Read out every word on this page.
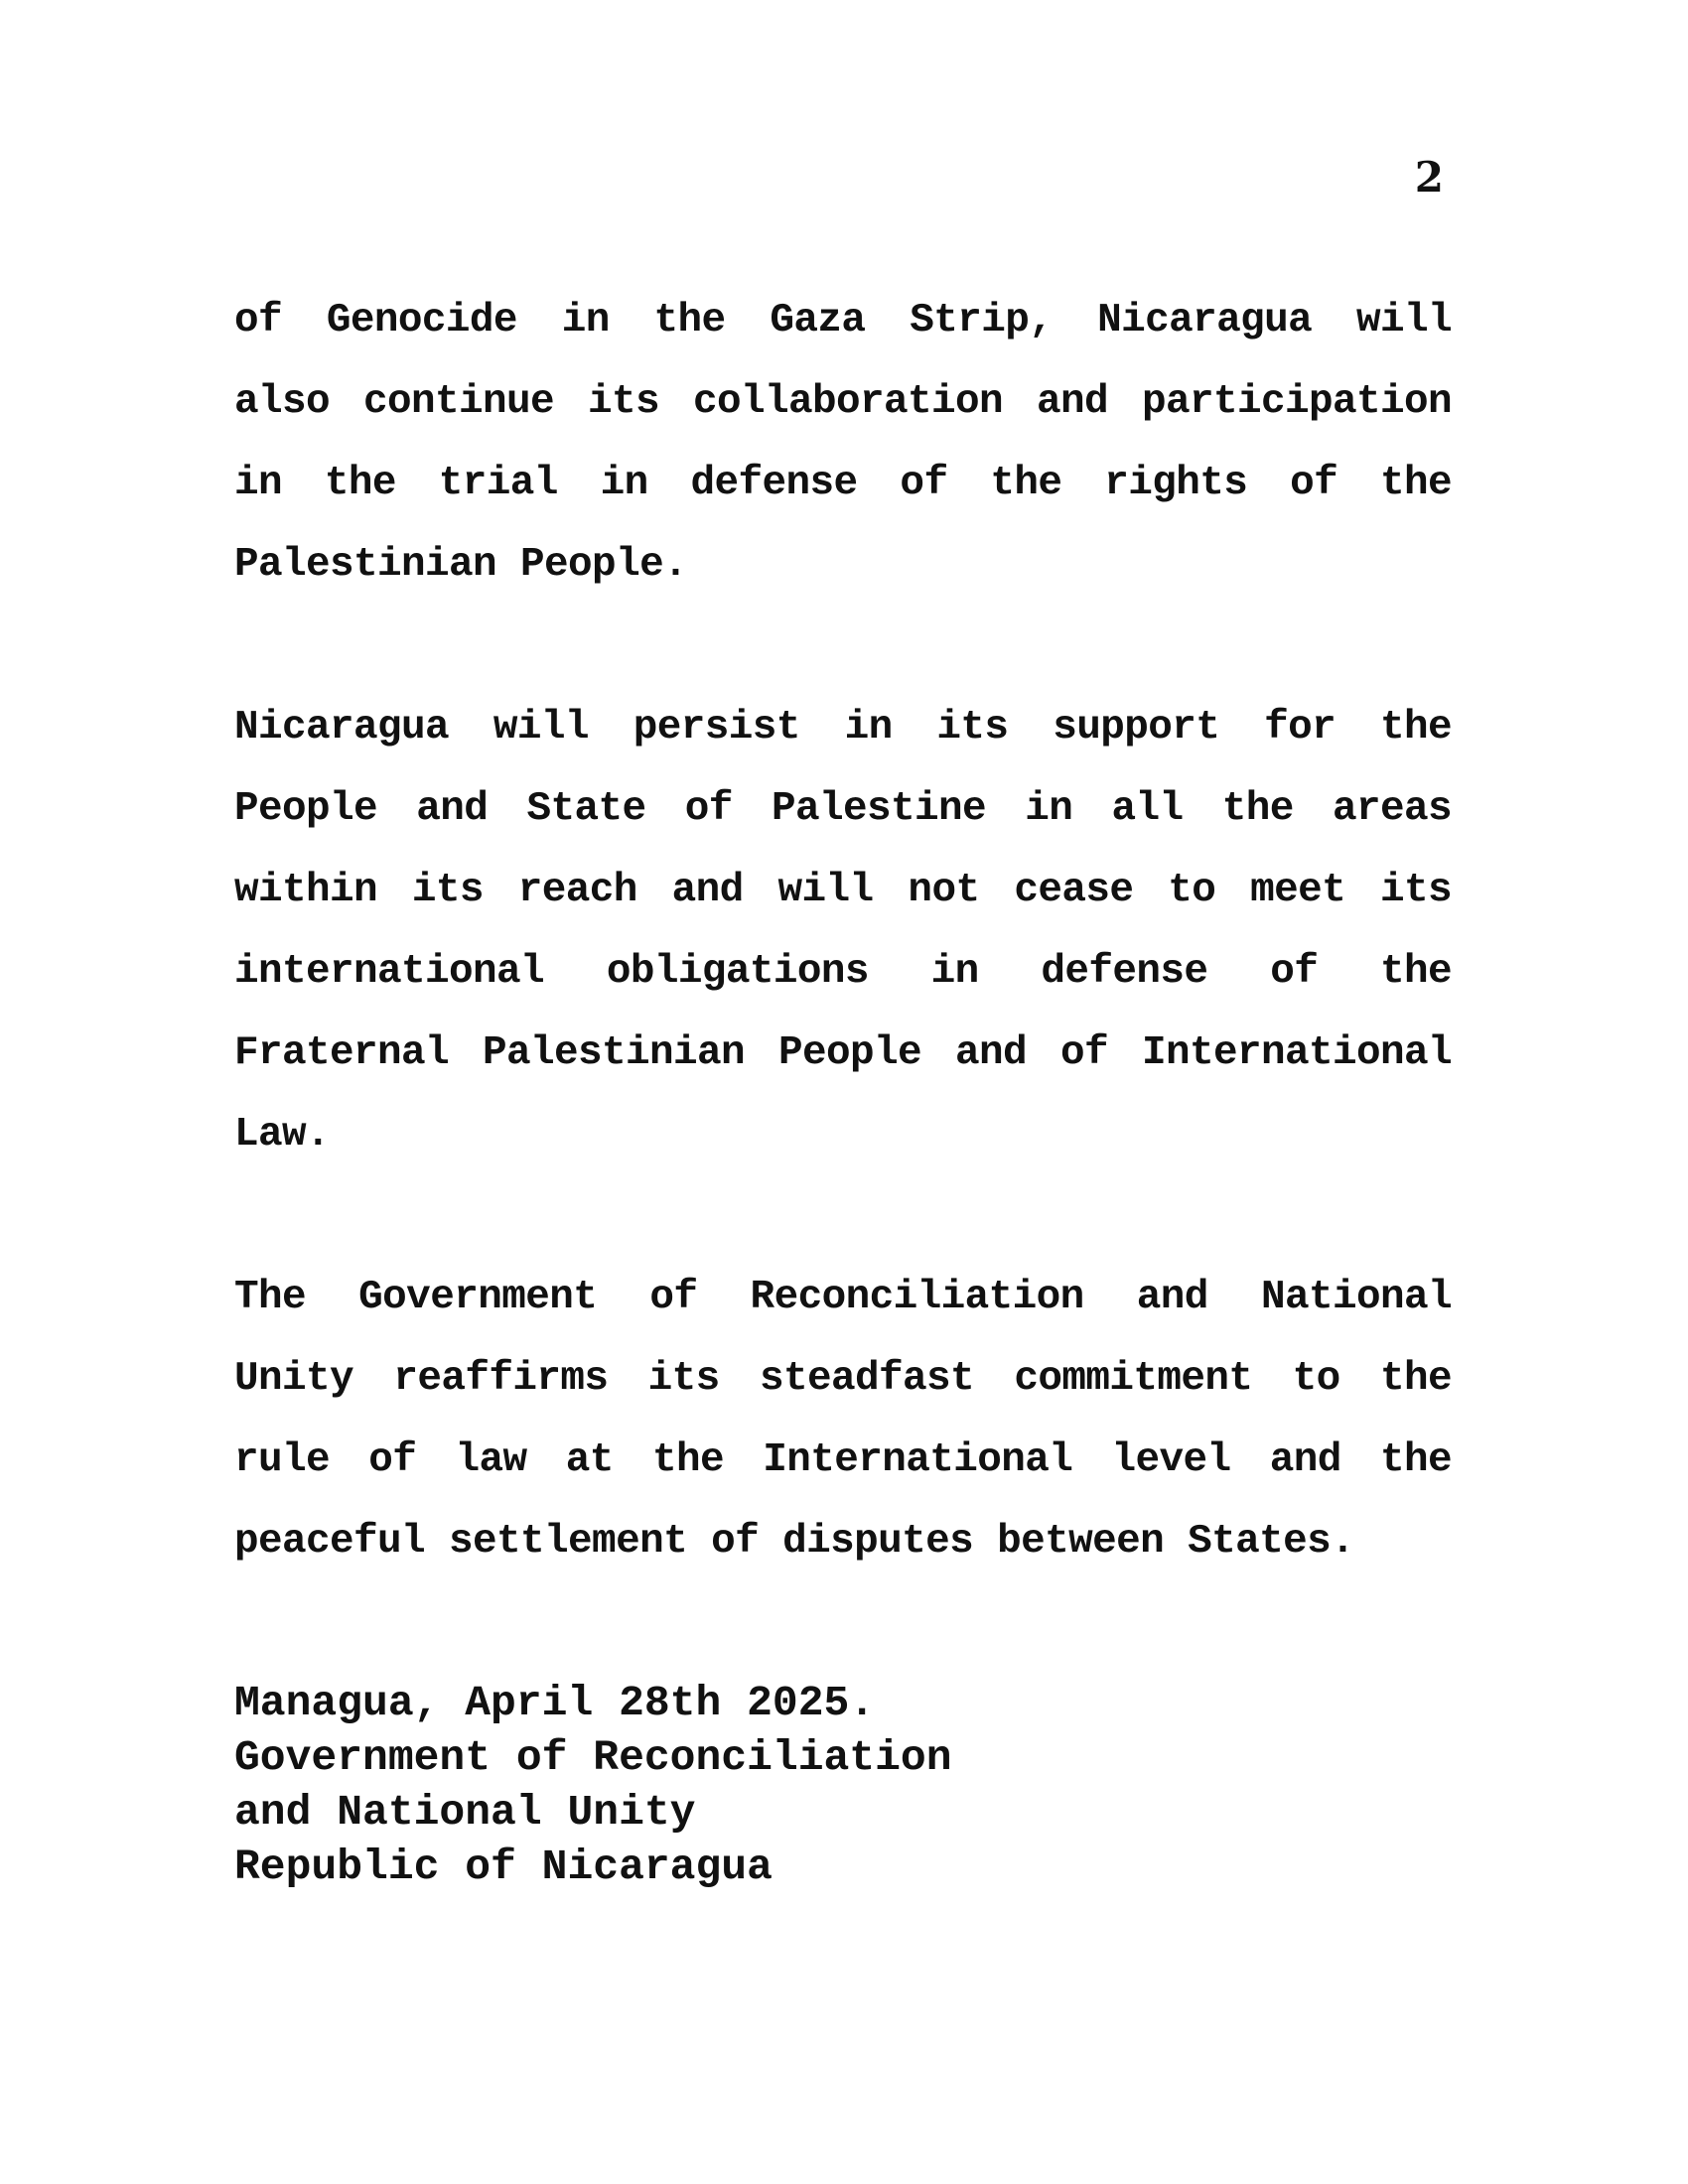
2

of Genocide in the Gaza Strip, Nicaragua will
also continue its collaboration and participation
in the trial in defense of the rights of the
Palestinian People.

Nicaragua will persist in its support for the
People and State of Palestine in all the areas
within its reach and will not cease to meet its
international obligations in defense of the
Fraternal Palestinian People and of International
Law.

The Government of Reconciliation and National
Unity reaffirms its steadfast commitment to the
rule of law at the International level and the
peaceful settlement of disputes between States.

Managua, April 28th 2025.
Government of Reconciliation
and National Unity
Republic of Nicaragua
